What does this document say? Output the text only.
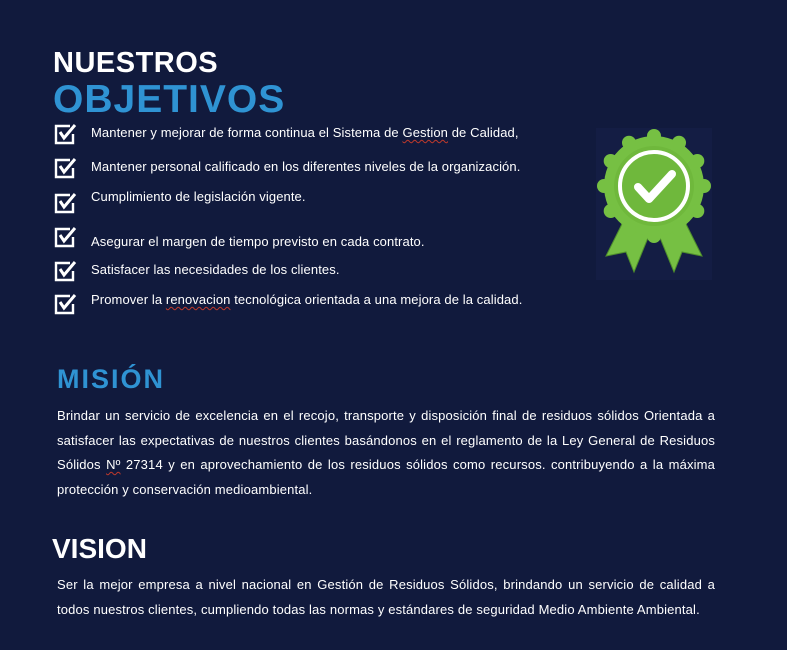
NUESTROS
OBJETIVOS
Mantener y mejorar de forma continua el Sistema de Gestion de Calidad,
Mantener personal calificado en los diferentes niveles de la organización.
Cumplimiento de legislación vigente.
Asegurar el margen de tiempo previsto en cada contrato.
Satisfacer las necesidades de los clientes.
Promover la renovacion tecnológica orientada a una mejora de la calidad.
MISIÓN

Brindar un servicio de excelencia en el recojo, transporte y disposición final de residuos sólidos Orientada a satisfacer las expectativas de nuestros clientes basándonos en el reglamento de la Ley General de Residuos Sólidos Nº 27314 y en aprovechamiento de los residuos sólidos como recursos. contribuyendo a la máxima protección y conservación medioambiental.

VISION

Ser la mejor empresa a nivel nacional en Gestión de Residuos Sólidos, brindando un servicio de calidad a todos nuestros clientes, cumpliendo todas las normas y estándares de seguridad Medio Ambiente Ambiental.
